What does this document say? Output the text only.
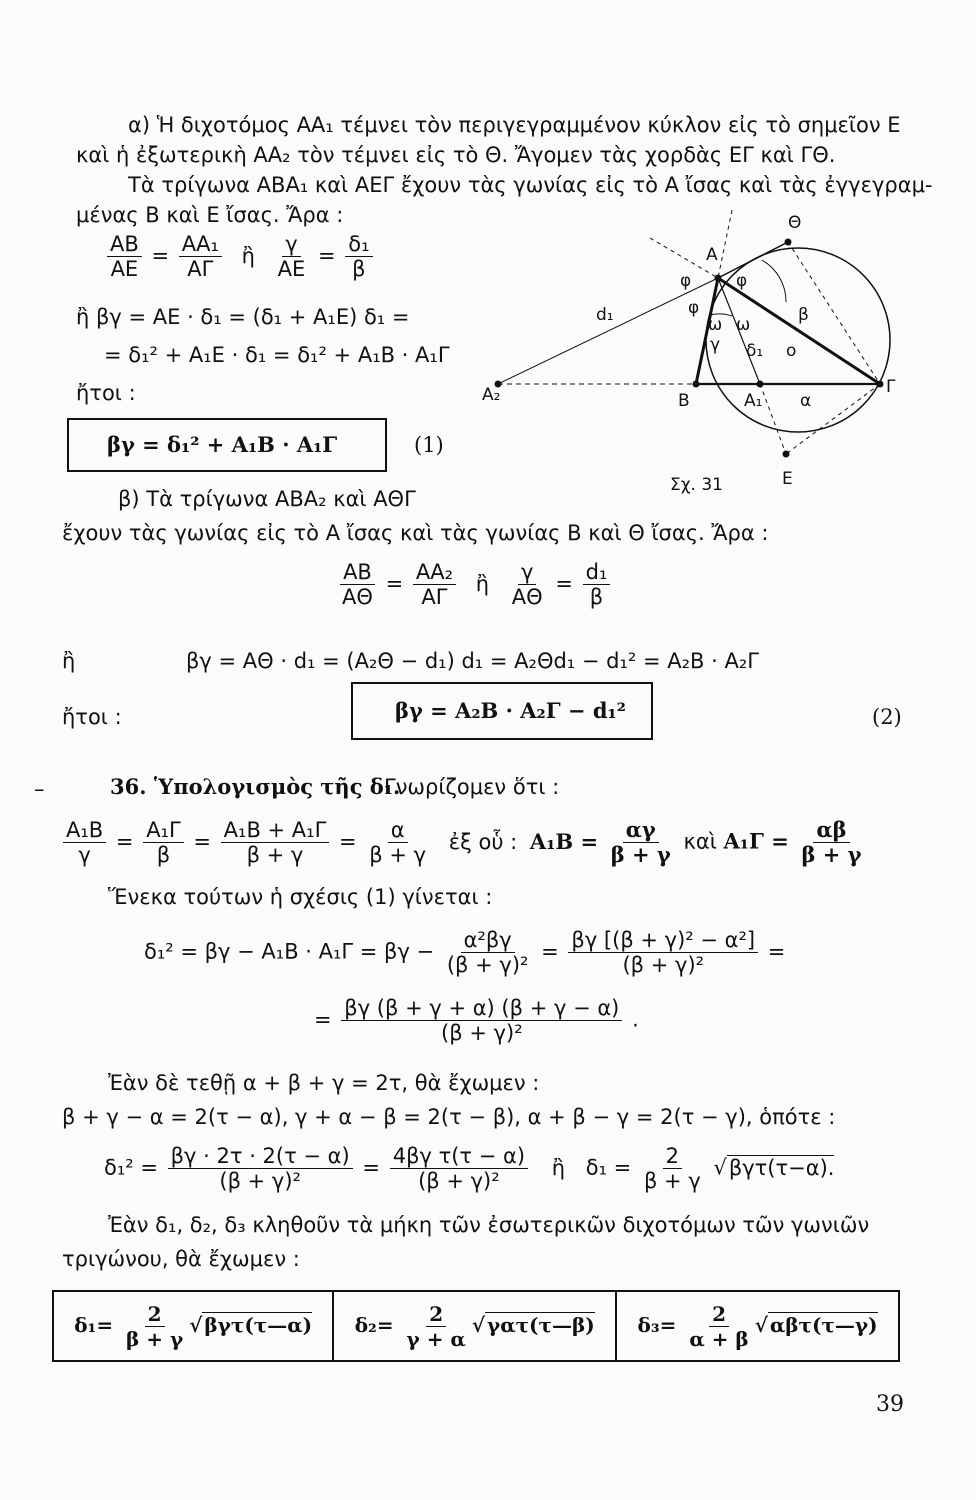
α) Ἡ διχοτόμος ΑΑ₁ τέμνει τὸν περιγεγραμμένον κύκλον εἰς τὸ σημεῖον Ε
καὶ ἡ ἐξωτερικὴ ΑΑ₂ τὸν τέμνει εἰς τὸ Θ. Ἄγομεν τὰς χορδὰς ΕΓ καὶ ΓΘ.
Τὰ τρίγωνα ΑΒΑ₁ καὶ ΑΕΓ ἔχουν τὰς γωνίας εἰς τὸ Α ἴσας καὶ τὰς ἐγγεγραμ-
μένας Β καὶ Ε ἴσας. Ἄρα :
$\frac{AB}{AE} = \frac{\text{ΑΑ₁}}{A\Gamma}$ ἢ $\frac{\gamma}{AE} = \frac{\text{δ₁}}{\beta}$
ἢ βγ = ΑΕ · δ₁ = (δ₁ + Α₁Ε) δ₁ =
= δ₁² + Α₁Ε · δ₁ = δ₁² + Α₁Β · Α₁Γ
ἤτοι :
βγ = δ₁² + Α₁Β · Α₁Γ	(1)
Θ
Α
φ	φ
φ
d₁	β
ω ω
γ δ₁ ο
Α₂	Β	Α₁ α
Γ
Ε
Σχ. 31
β) Τὰ τρίγωνα ΑΒΑ₂ καὶ ΑΘΓ
ἔχουν τὰς γωνίας εἰς τὸ Α ἴσας καὶ τὰς γωνίας Β καὶ Θ ἴσας. Ἄρα :
$\frac{AB}{A\Theta} = \frac{\text{ΑΑ₂}}{A\Gamma}$ ἢ $\frac{\gamma}{A\Theta} = \frac{\text{d₁}}{\beta}$
ἢ	βγ = ΑΘ · d₁ = (Α₂Θ − d₁) d₁ = Α₂Θd₁ − d₁² = Α₂Β · Α₂Γ
ἤτοι :	βγ = Α₂Β · Α₂Γ − d₁²	(2)
–	36. Ὑπολογισμὸς τῆς δ₁.
Γνωρίζομεν ὅτι :
$\frac{\text{Α₁Β}}{\gamma} = \frac{\text{Α₁Γ}}{\beta} = \frac{\text{Α₁Β + Α₁Γ}}{\beta + \gamma} = \frac{\alpha}{\beta + \gamma}$ ἐξ οὗ : $A_1B = \frac{\alpha\gamma}{\beta + \gamma}$ καὶ $A_1\Gamma = \frac{\alpha\beta}{\beta + \gamma}$
Ἕνεκα τούτων ἡ σχέσις (1) γίνεται :
$\delta_1^2 = \beta\gamma - A_1B \cdot A_1\Gamma = \beta\gamma - \frac{\text{α²βγ}}{\text{(β + γ)²}} = \frac{\text{βγ [(β + γ)² − α²]}}{\text{(β + γ)²}}$ =
= $\frac{\beta\gamma (\beta + \gamma + \alpha) (\beta + \gamma - \alpha)}{\text{(β + γ)²}}$ .
Ἐὰν δὲ τεθῇ α + β + γ = 2τ, θὰ ἔχωμεν :
β + γ − α = 2(τ − α), γ + α − β = 2(τ − β), α + β − γ = 2(τ − γ), ὁπότε :
$\delta_1^2 = \frac{\beta\gamma \cdot 2\tau \cdot 2(\tau - \alpha)}{\text{(β + γ)²}} = \frac{\text{4βγ τ(τ − α)}}{\text{(β + γ)²}}$ ἢ $\delta_1 = \frac{2}{\beta + \gamma} √\beta\gamma\tau(\tau-\alpha)$.
Ἐὰν δ₁, δ₂, δ₃ κληθοῦν τὰ μήκη τῶν ἐσωτερικῶν διχοτόμων τῶν γωνιῶν
τριγώνου, θὰ ἔχωμεν :
$\delta_1= \frac{2}{\beta + \gamma}$ √ βγτ(τ—α)	$\delta_2= \frac{2}{\gamma + \alpha}$ √ γατ(τ—β)	$\delta_3= \frac{2}{\alpha + \beta}$ √ αβτ(τ—γ)
39
